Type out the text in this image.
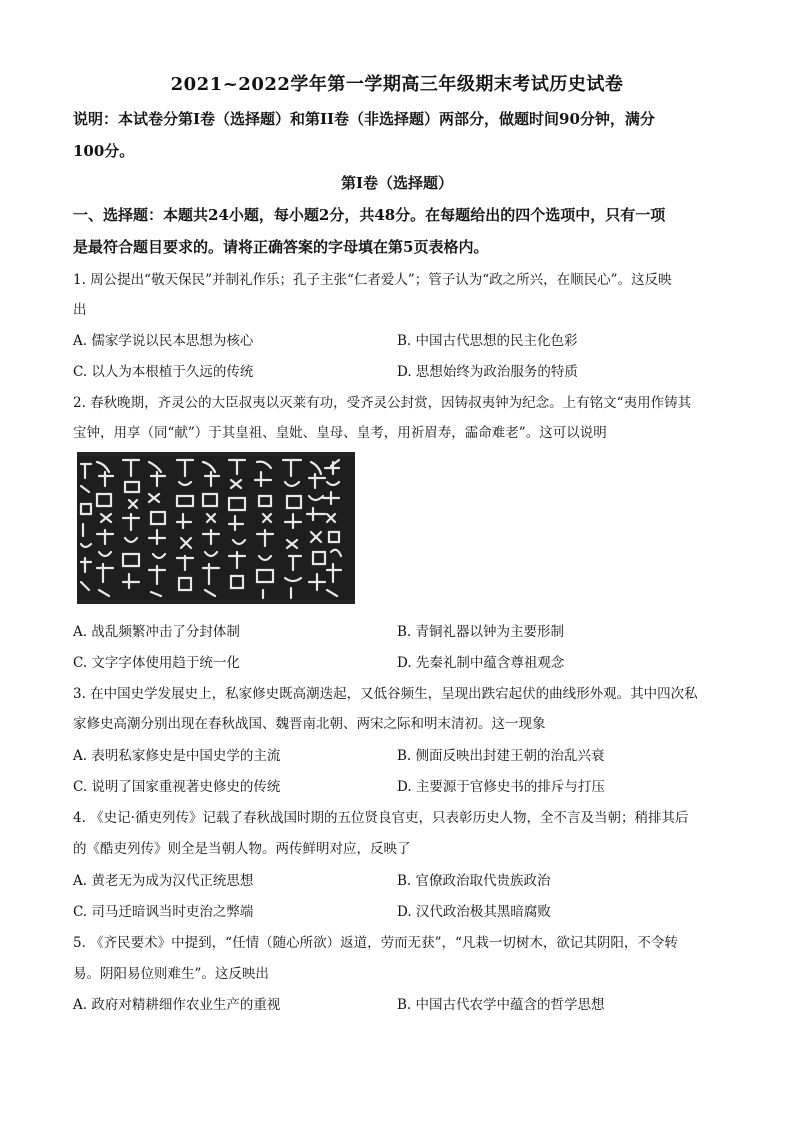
2021~2022学年第一学期高三年级期末考试历史试卷
说明：本试卷分第I卷（选择题）和第II卷（非选择题）两部分，做题时间90分钟，满分
100分。
第I卷（选择题）
一、选择题：本题共24小题，每小题2分，共48分。在每题给出的四个选项中，只有一项
是最符合题目要求的。请将正确答案的字母填在第5页表格内。
1. 周公提出“敬天保民”并制礼作乐；孔子主张“仁者爱人”；管子认为“政之所兴，在顺民心”。这反映
出
A. 儒家学说以民本思想为核心	B. 中国古代思想的民主化色彩
C. 以人为本根植于久远的传统	D. 思想始终为政治服务的特质
2. 春秋晚期，齐灵公的大臣叔夷以灭莱有功，受齐灵公封赏，因铸叔夷钟为纪念。上有铭文“夷用作铸其
宝钟，用享（同“献”）于其皇祖、皇妣、皇母、皇考，用祈眉寿，霝命难老”。这可以说明
A. 战乱频繁冲击了分封体制	B. 青铜礼器以钟为主要形制
C. 文字字体使用趋于统一化	D. 先秦礼制中蕴含尊祖观念
3. 在中国史学发展史上，私家修史既高潮迭起，又低谷频生，呈现出跌宕起伏的曲线形外观。其中四次私
家修史高潮分别出现在春秋战国、魏晋南北朝、两宋之际和明末清初。这一现象
A. 表明私家修史是中国史学的主流	B. 侧面反映出封建王朝的治乱兴衰
C. 说明了国家重视著史修史的传统	D. 主要源于官修史书的排斥与打压
4. 《史记·循吏列传》记载了春秋战国时期的五位贤良官吏，只表彰历史人物，全不言及当朝；稍排其后
的《酷吏列传》则全是当朝人物。两传鲜明对应，反映了
A. 黄老无为成为汉代正统思想	B. 官僚政治取代贵族政治
C. 司马迁暗讽当时吏治之弊端	D. 汉代政治极其黑暗腐败
5. 《齐民要术》中提到，“任情（随心所欲）返道，劳而无获”，“凡栽一切树木，欲记其阴阳，不令转
易。阴阳易位则难生”。这反映出
A. 政府对精耕细作农业生产的重视	B. 中国古代农学中蕴含的哲学思想
